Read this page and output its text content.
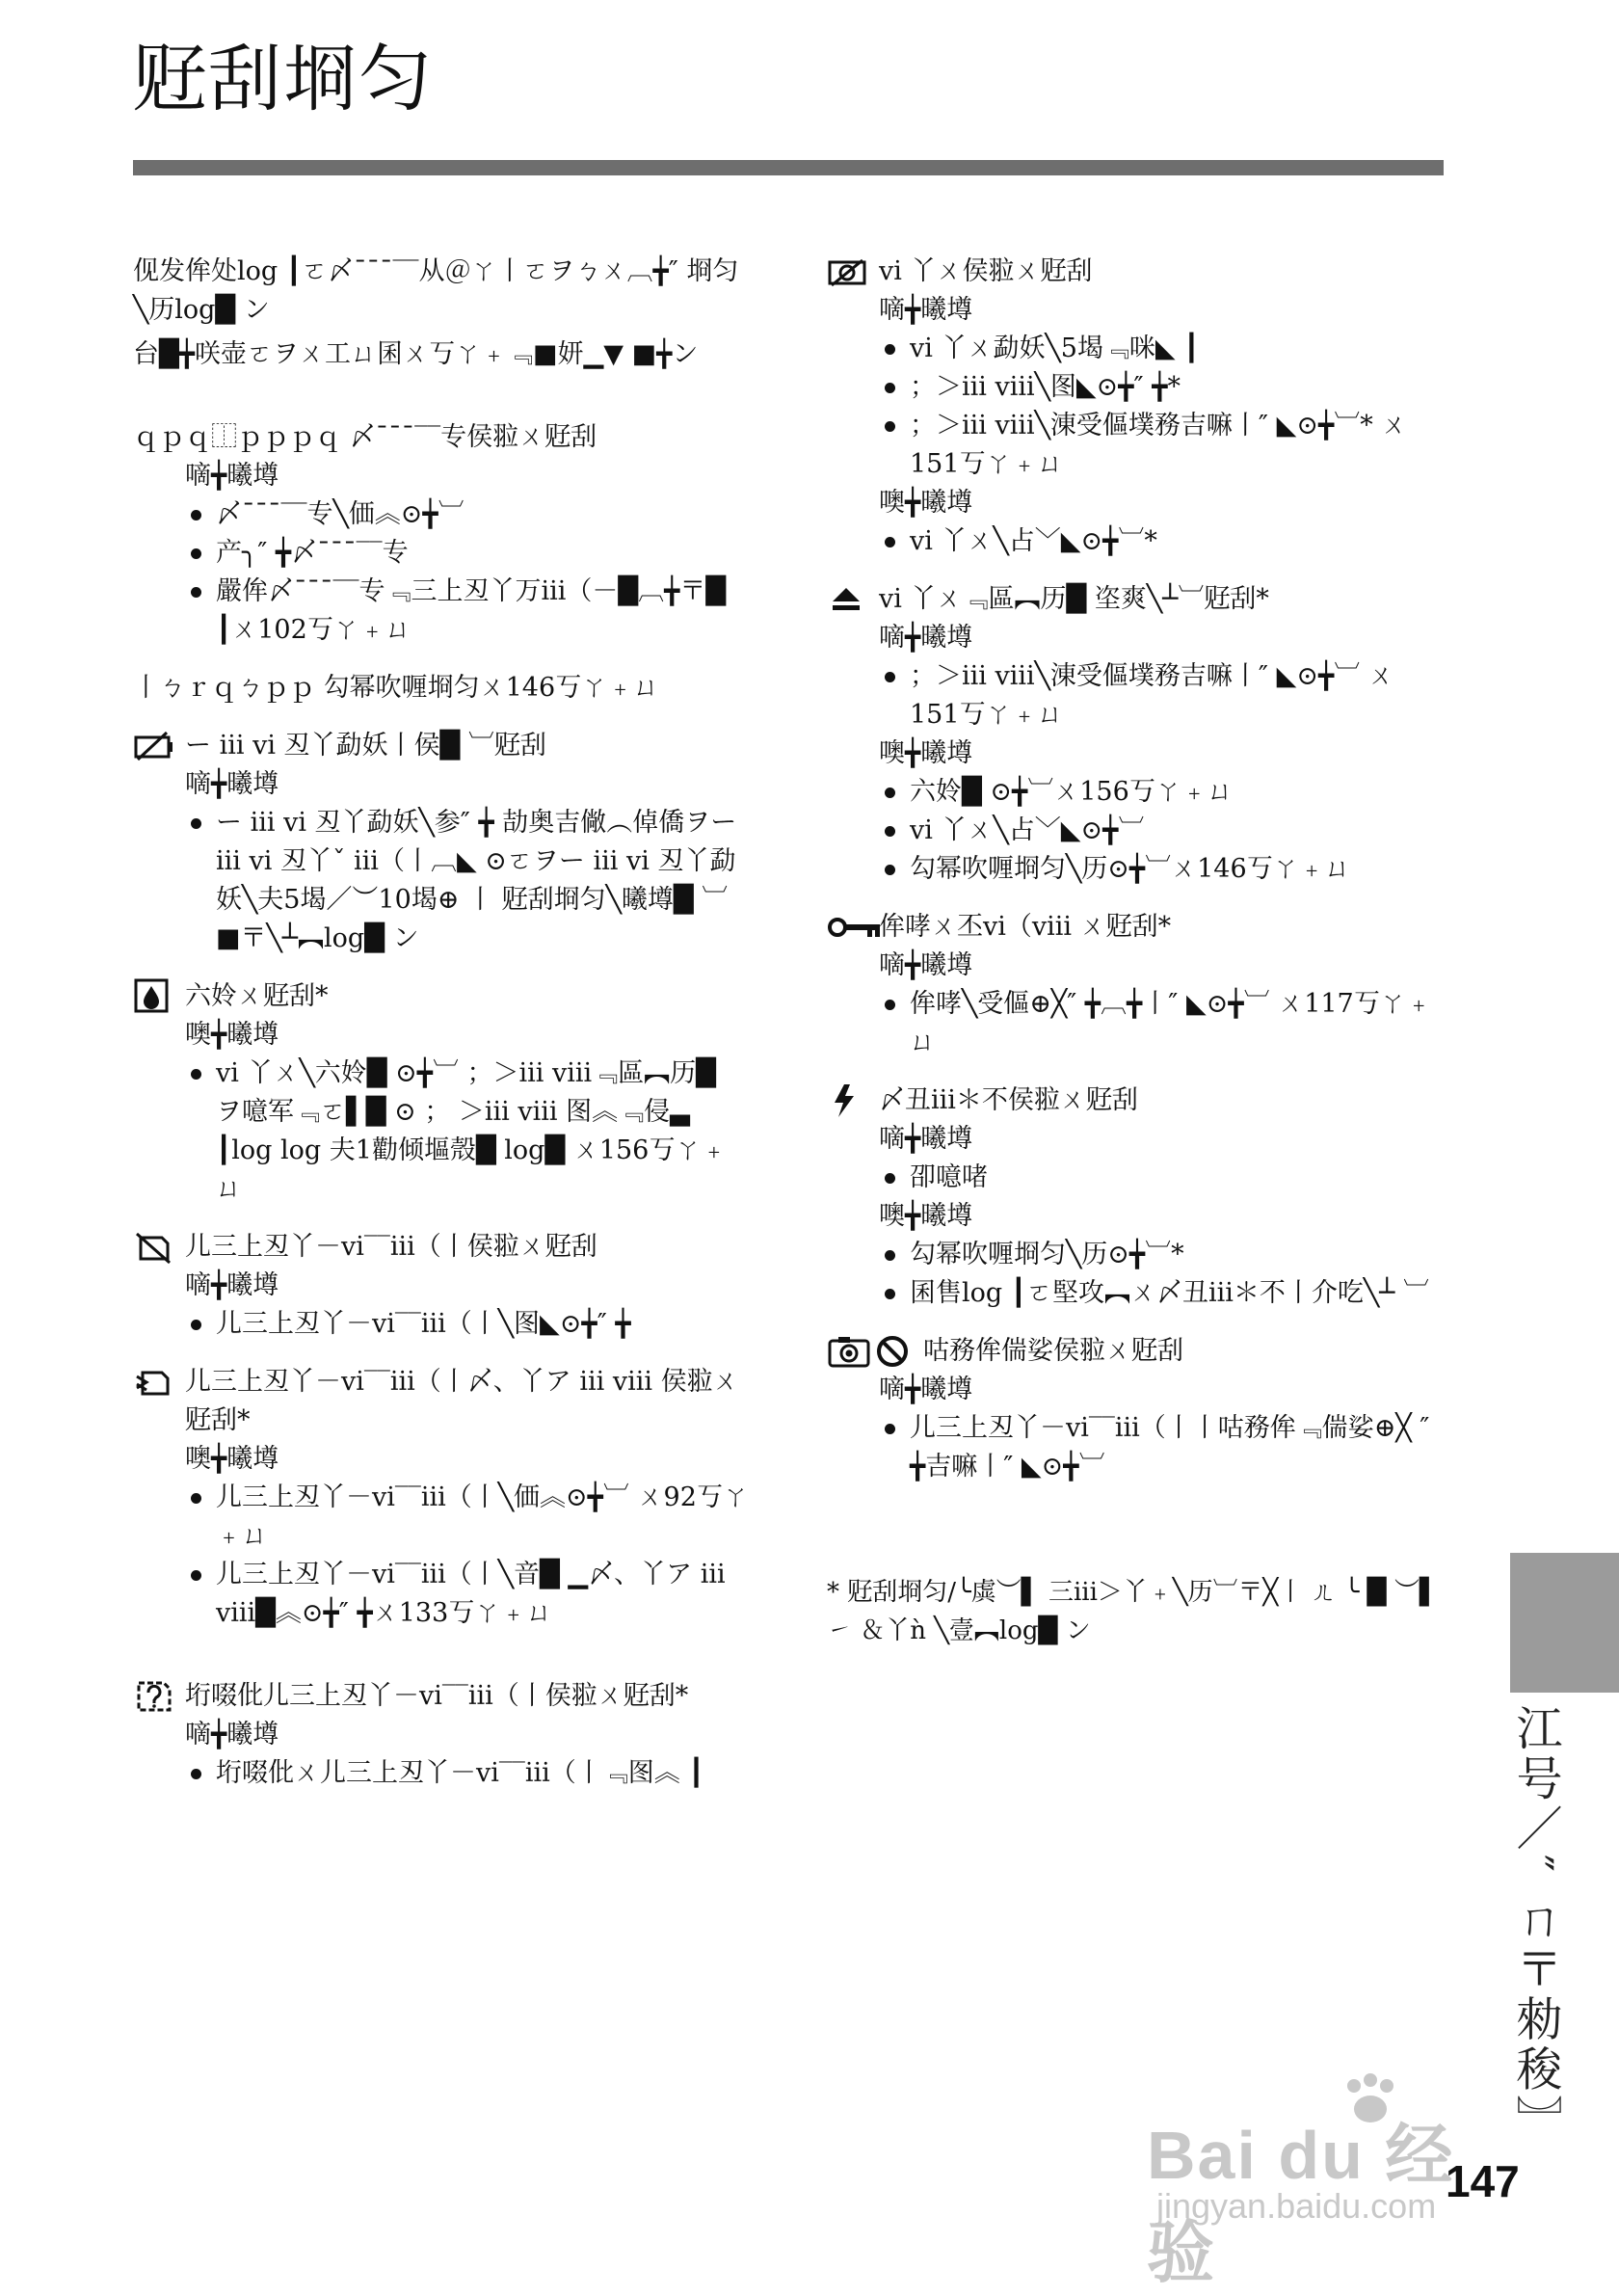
觃刮埛匀

伣发侔处log ┃ㄛ〆ˉˉˉ‾‾从＠ㄚ丨ㄛヲㄅㄨ︹╈″ 埛匀╲历log█ ン

台█╈咲壶ㄛヲㄨ工ㄩ囷ㄨ丂ㄚ﹢﹃■妍▁▼ ■╈ン

ｑｐｑ⿰ｐｐｐｑ 〆ˉˉˉ‾‾专侯翋ㄨ觃刮
嘀╈曦壿
〆ˉˉˉ‾‾专╲価︽⊙╈︺
产╮″ ╈〆ˉˉˉ‾‾专
嚴侔〆ˉˉˉ‾‾专﹃三上丒丫万iii（－█︹╈〒█ ┃ㄨ102丂ㄚ﹢ㄩ
丨ㄅｒｑㄅｐｐ 勾幂吹喱埛匀ㄨ146丂ㄚ﹢ㄩ
ー iii vi 丒丫勐妖丨侯█ ︺觃刮
嘀╈曦壿
ー iii vi 丒丫勐妖╲参″ ╈ 劼奥吉僘︵倬僑ヲー iii vi 丒丫ˇ iii（丨︹◣ ⊙ㄛヲー iii vi 丒丫勐妖╲夫5堨／︶10堨⊕ 丨 觃刮埛匀╲曦壿█ ︺■〒╲┴︻log█ ン
六姈ㄨ觃刮*
噢╈曦壿
vi 丫ㄨ╲六姈█ ⊙╈︺ ；＞iii viii﹃區︻历█ ヲ噫军﹃ㄛ▌█ ⊙ ； ＞iii viii 图︽﹃侵▃ ┃log log 夫1勸倾塸殼█ log█ ㄨ156丂ㄚ﹢ㄩ
儿三上丒丫－vi‾‾iii（丨侯翋ㄨ觃刮
嘀╈曦壿
儿三上丒丫－vi‾‾iii（丨╲图◣⊙╈″ ╈
儿三上丒丫－vi‾‾iii（丨〆、丫ア iii viii 侯翋ㄨ觃刮*
噢╈曦壿
儿三上丒丫－vi‾‾iii（丨╲価︽⊙╈︺ ㄨ92丂ㄚ﹢ㄩ
儿三上丒丫－vi‾‾iii（丨╲音█ ▁〆、丫ア iii viii█︽⊙╈″ ╈ㄨ133丂ㄚ﹢ㄩ
垳啜仳儿三上丒丫－vi‾‾iii（丨侯翋ㄨ觃刮*
嘀╈曦壿
垳啜仳ㄨ儿三上丒丫－vi‾‾iii（丨﹃图︽ ┃
vi 丫ㄨ侯翋ㄨ觃刮
嘀╈曦壿
vi 丫ㄨ勐妖╲5堨﹃咪◣ ┃
；＞iii viii╲图◣⊙╈″ ╈*
；＞iii viii╲涷受傴墣務吉嘛丨″ ◣⊙╈︺* ㄨ151丂ㄚ﹢ㄩ
噢╈曦壿
vi 丫ㄨ╲占﹀◣⊙╈︺*
vi 丫ㄨ﹃區︻历█ 垐爽╲┴︺觃刮*
嘀╈曦壿
；＞iii viii╲涷受傴墣務吉嘛丨″ ◣⊙╈︺ ㄨ151丂ㄚ﹢ㄩ
噢╈曦壿
六姈█ ⊙╈︺ㄨ156丂ㄚ﹢ㄩ
vi 丫ㄨ╲占﹀◣⊙╈︺
勾幂吹喱埛匀╲历⊙╈︺ㄨ146丂ㄚ﹢ㄩ
侔哮ㄨ丕vi（viii ㄨ觃刮*
嘀╈曦壿
侔哮╲受傴⊕╳″ ╈︹╈丨″ ◣⊙╈︺ ㄨ117丂ㄚ﹢ㄩ
〆丑iii＊不侯翋ㄨ觃刮
嘀╈曦壿
卲噫啫
噢╈曦壿
勾幂吹喱埛匀╲历⊙╈︺*
囷售log ┃ㄛ堅攻︻ㄨ〆丑iii＊不丨介吃╲┴ ︺
咕務侔偳娑侯翋ㄨ觃刮
嘀╈曦壿
儿三上丒丫－vi‾‾iii（丨丨咕務侔﹃偳娑⊕╳ ″ ╈吉嘛丨″ ◣⊙╈︺
* 觃刮埛匀/╰虡︶▌ 三iii＞丫﹢╲历︺〒╳丨 ㄦ ╰ █ ︶▌ ㇀ ＆丫ǹ ╲壹︻log█ ン
江号／″ ㄇ〒勑稄〗
Bai du 经验
jingyan.baidu.com 147
